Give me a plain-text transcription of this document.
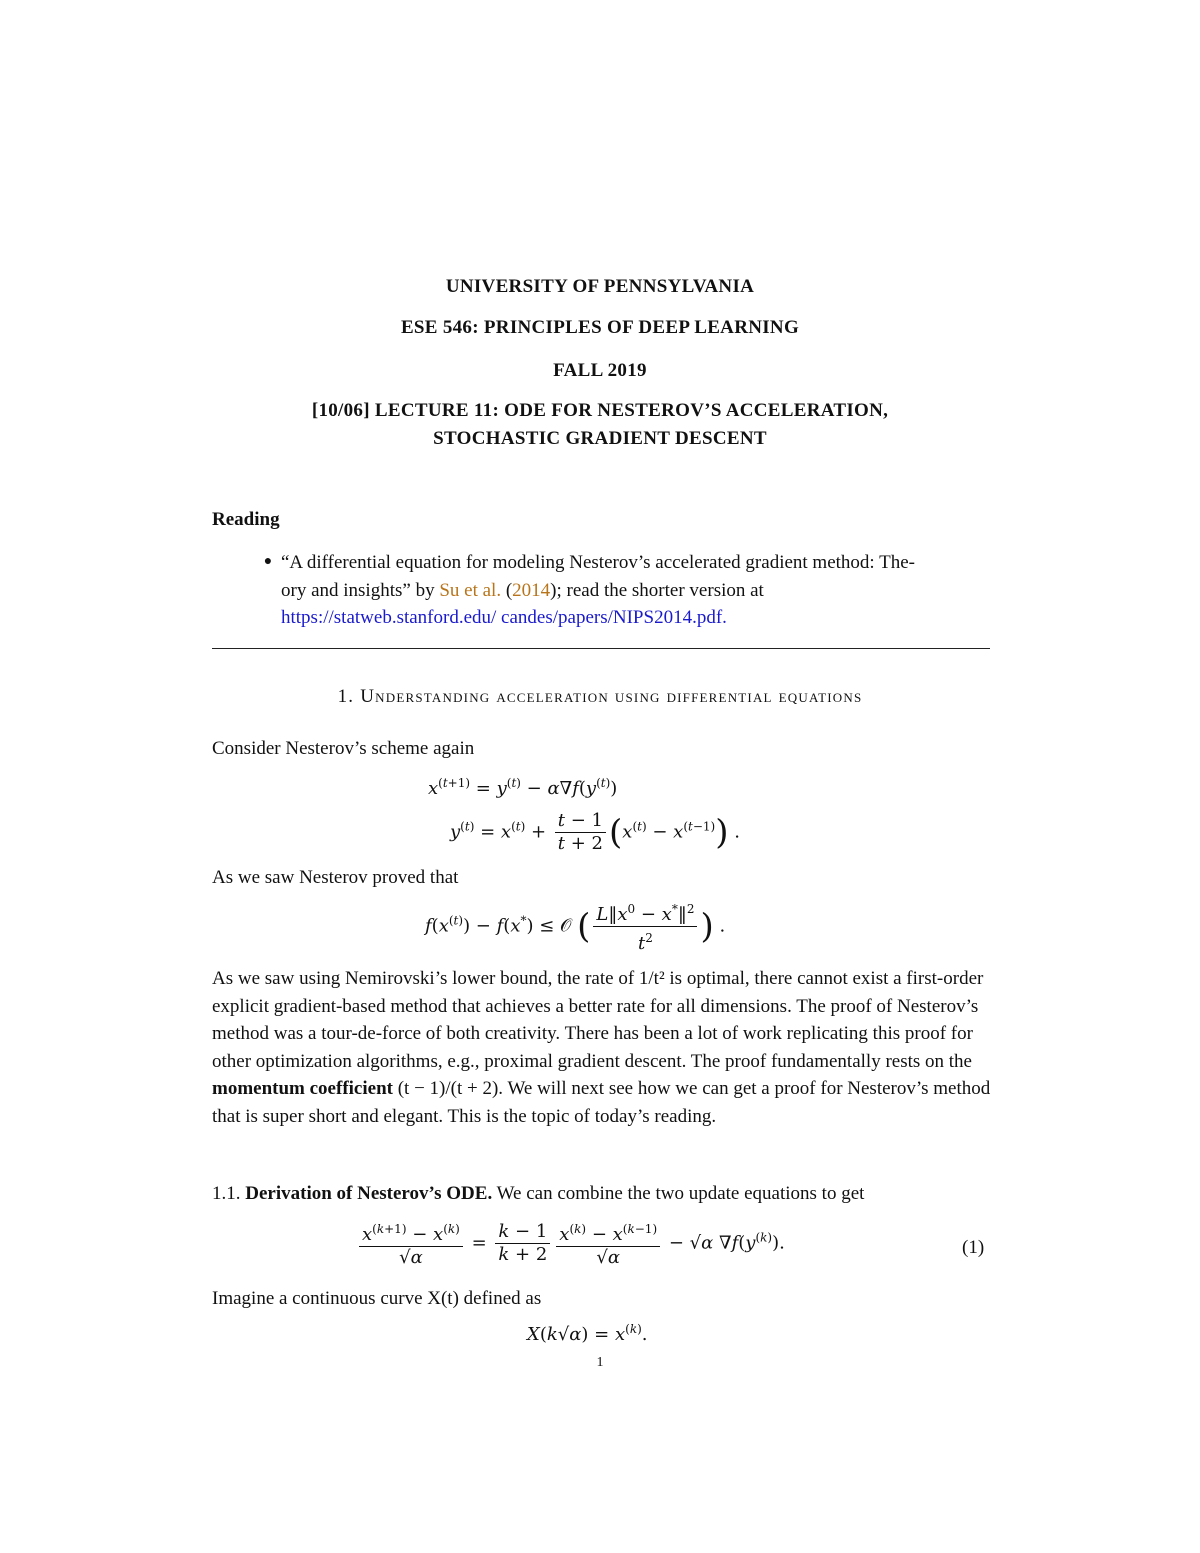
UNIVERSITY OF PENNSYLVANIA
ESE 546: PRINCIPLES OF DEEP LEARNING
FALL 2019
[10/06] LECTURE 11: ODE FOR NESTEROV’S ACCELERATION,
STOCHASTIC GRADIENT DESCENT
Reading
● “A differential equation for modeling Nesterov’s accelerated gradient method: The-
ory and insights” by Su et al. (2014); read the shorter version at
https://statweb.stanford.edu/ candes/papers/NIPS2014.pdf.
1. Understanding acceleration using differential equations
Consider Nesterov’s scheme again
$x^{(t+1)} = y^{(t)} - \alpha\nabla f(y^{(t)})$
$y^{(t)} = x^{(t)} + \frac{t - 1}{t + 2} (x^{(t)} - x^{(t-1)})$ .
As we saw Nesterov proved that
$f(x^{(t)}) - f(x^*)$ ≤ 𝒪 ( $\frac{L‖x^0 - x^*‖^2}{t^2}$ ) .
As we saw using Nemirovski’s lower bound, the rate of 1/t² is optimal, there cannot exist a first-order explicit gradient-based method that achieves a better rate for all dimensions. The proof of Nesterov’s method was a tour-de-force of both creativity. There has been a lot of work replicating this proof for other optimization algorithms, e.g., proximal gradient descent. The proof fundamentally rests on the momentum coefficient (t − 1)/(t + 2). We will next see how we can get a proof for Nesterov’s method that is super short and elegant. This is the topic of today’s reading.
1.1. Derivation of Nesterov’s ODE. We can combine the two update equations to get
$\frac{x^{(k+1)} - x^{(k)}}{√\alpha} = \frac{k - 1}{k + 2} \frac{x^{(k)} - x^{(k-1)}}{√\alpha} - √\alpha$ $\nabla f(y^{(k)})$.	(1)
Imagine a continuous curve X(t) defined as
$X(k√\alpha) = x^{(k)}$.
1
